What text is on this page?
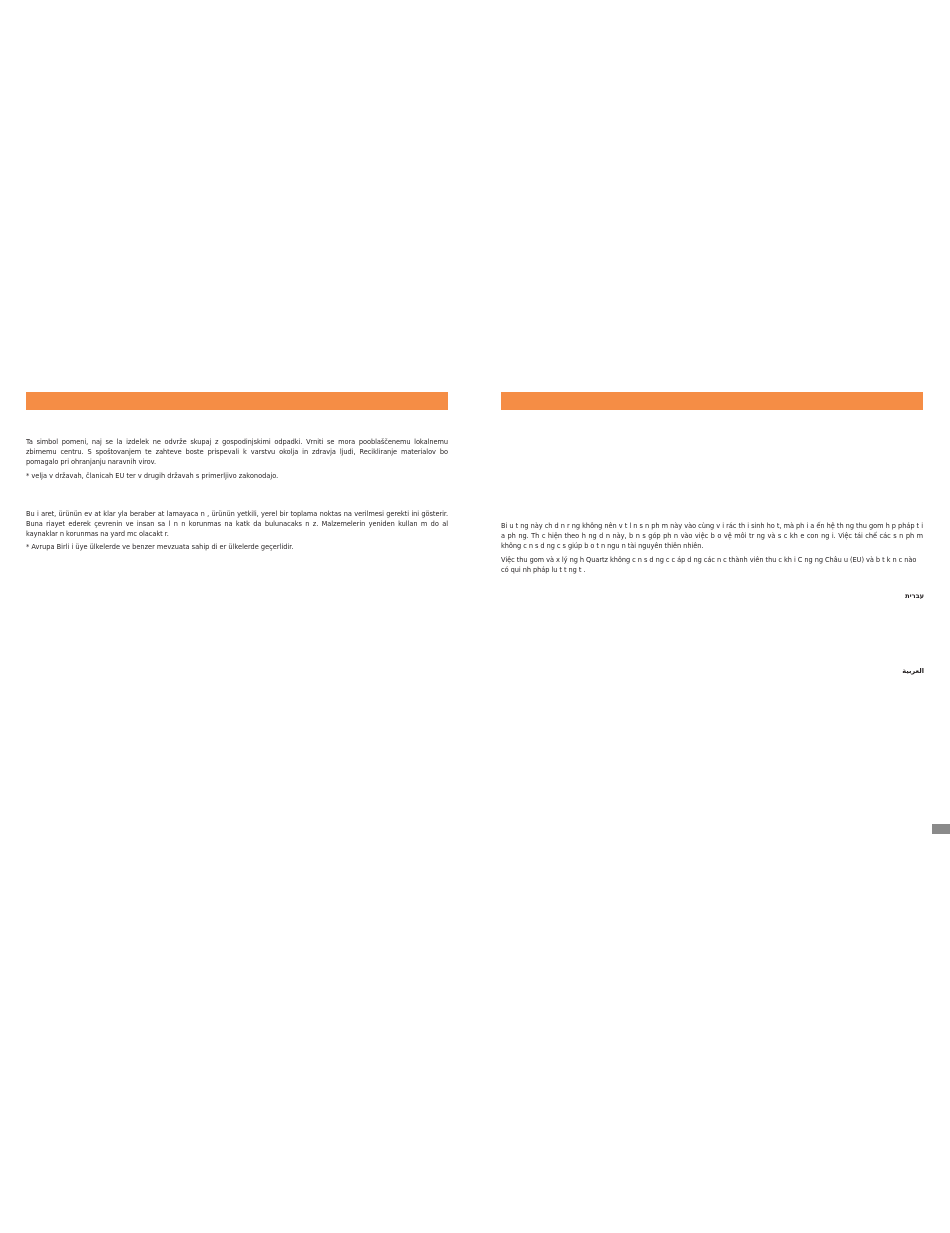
Ta simbol pomeni, naj se la izdelek ne odvrže skupaj z gospodinjskimi odpadki. Vrniti se mora pooblaščenemu lokalnemu zbirnemu centru. S spoštovanjem te zahteve boste prispevali k varstvu okolja in zdravja ljudi, Recikliranje materialov bo pomagalo pri ohranjanju naravnih virov.

* velja v državah, članicah EU ter v drugih državah s primerljivo zakonodajo.

Bu i aret, ürünün ev at klar yla beraber at lamayaca n , ürünün yetkili, yerel bir toplama noktas na verilmesi gerekti ini gösterir. Buna riayet ederek çevrenin ve insan sa l n n korunmas na katk da bulunacaks n z. Malzemelerin yeniden kullan m do al kaynaklar n korunmas na yard mc olacakt r.

* Avrupa Birli i üye ülkelerde ve benzer mevzuata sahip di er ülkelerde geçerlidir.

Bi u t ng này ch d n r ng không nên v t l n s n ph m này vào cùng v i rác th i sinh ho t, mà ph i a ến hệ th ng thu gom h p pháp t i a ph ng. Th c hiện theo h ng d n này, b n s góp ph n vào việc b o vệ môi tr ng và s c kh e con ng i. Việc tái chế các s n ph m không c n s d ng c s giúp b o t n ngu n tài nguyên thiên nhiên.

Việc thu gom và x lý ng h Quartz không c n s d ng c c áp d ng các n c thành viên thu c kh i C ng ng Châu u (EU) và b t k n c nào có qui nh pháp lu t t ng t .

עברית
العربية
